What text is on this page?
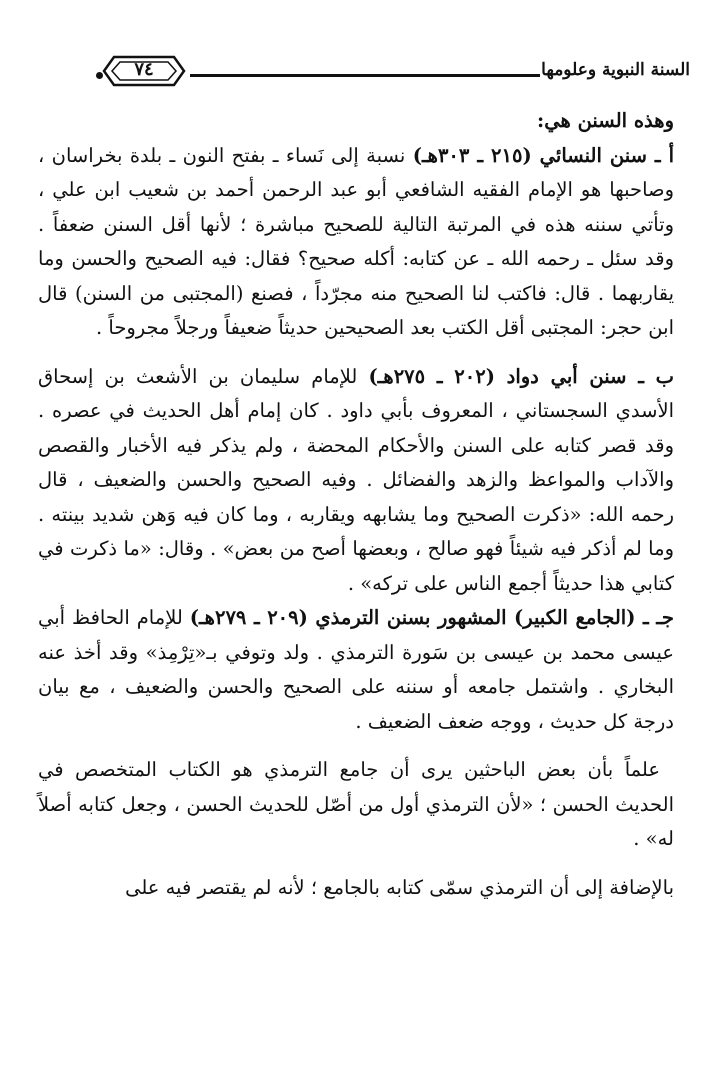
السنة النبوية وعلومها
٧٤

وهذه السنن هي:

أ ـ سنن النسائي (٢١٥ ـ ٣٠٣هـ) نسبة إلى نَساء ـ بفتح النون ـ بلدة بخراسان ، وصاحبها هو الإمام الفقيه الشافعي أبو عبد الرحمن أحمد بن شعيب ابن علي ، وتأتي سننه هذه في المرتبة التالية للصحيح مباشرة ؛ لأنها أقل السنن ضعفاً . وقد سئل ـ رحمه الله ـ عن كتابه: أكله صحيح؟ فقال: فيه الصحيح والحسن وما يقاربهما . قال: فاكتب لنا الصحيح منه مجرّداً ، فصنع (المجتبى من السنن) قال ابن حجر: المجتبى أقل الكتب بعد الصحيحين حديثاً ضعيفاً ورجلاً مجروحاً .

ب ـ سنن أبي دواد (٢٠٢ ـ ٢٧٥هـ) للإمام سليمان بن الأشعث بن إسحاق الأسدي السجستاني ، المعروف بأبي داود . كان إمام أهل الحديث في عصره . وقد قصر كتابه على السنن والأحكام المحضة ، ولم يذكر فيه الأخبار والقصص والآداب والمواعظ والزهد والفضائل . وفيه الصحيح والحسن والضعيف ، قال رحمه الله: «ذكرت الصحيح وما يشابهه ويقاربه ، وما كان فيه وَهن شديد بينته . وما لم أذكر فيه شيئاً فهو صالح ، وبعضها أصح من بعض» . وقال: «ما ذكرت في كتابي هذا حديثاً أجمع الناس على تركه» .

جـ ـ (الجامع الكبير) المشهور بسنن الترمذي (٢٠٩ ـ ٢٧٩هـ) للإمام الحافظ أبي عيسى محمد بن عيسى بن سَورة الترمذي . ولد وتوفي بـ«تِرْمِذ» وقد أخذ عنه البخاري . واشتمل جامعه أو سننه على الصحيح والحسن والضعيف ، مع بيان درجة كل حديث ، ووجه ضعف الضعيف .

علماً بأن بعض الباحثين يرى أن جامع الترمذي هو الكتاب المتخصص في الحديث الحسن ؛ «لأن الترمذي أول من أصّل للحديث الحسن ، وجعل كتابه أصلاً له» .

بالإضافة إلى أن الترمذي سمّى كتابه بالجامع ؛ لأنه لم يقتصر فيه على
